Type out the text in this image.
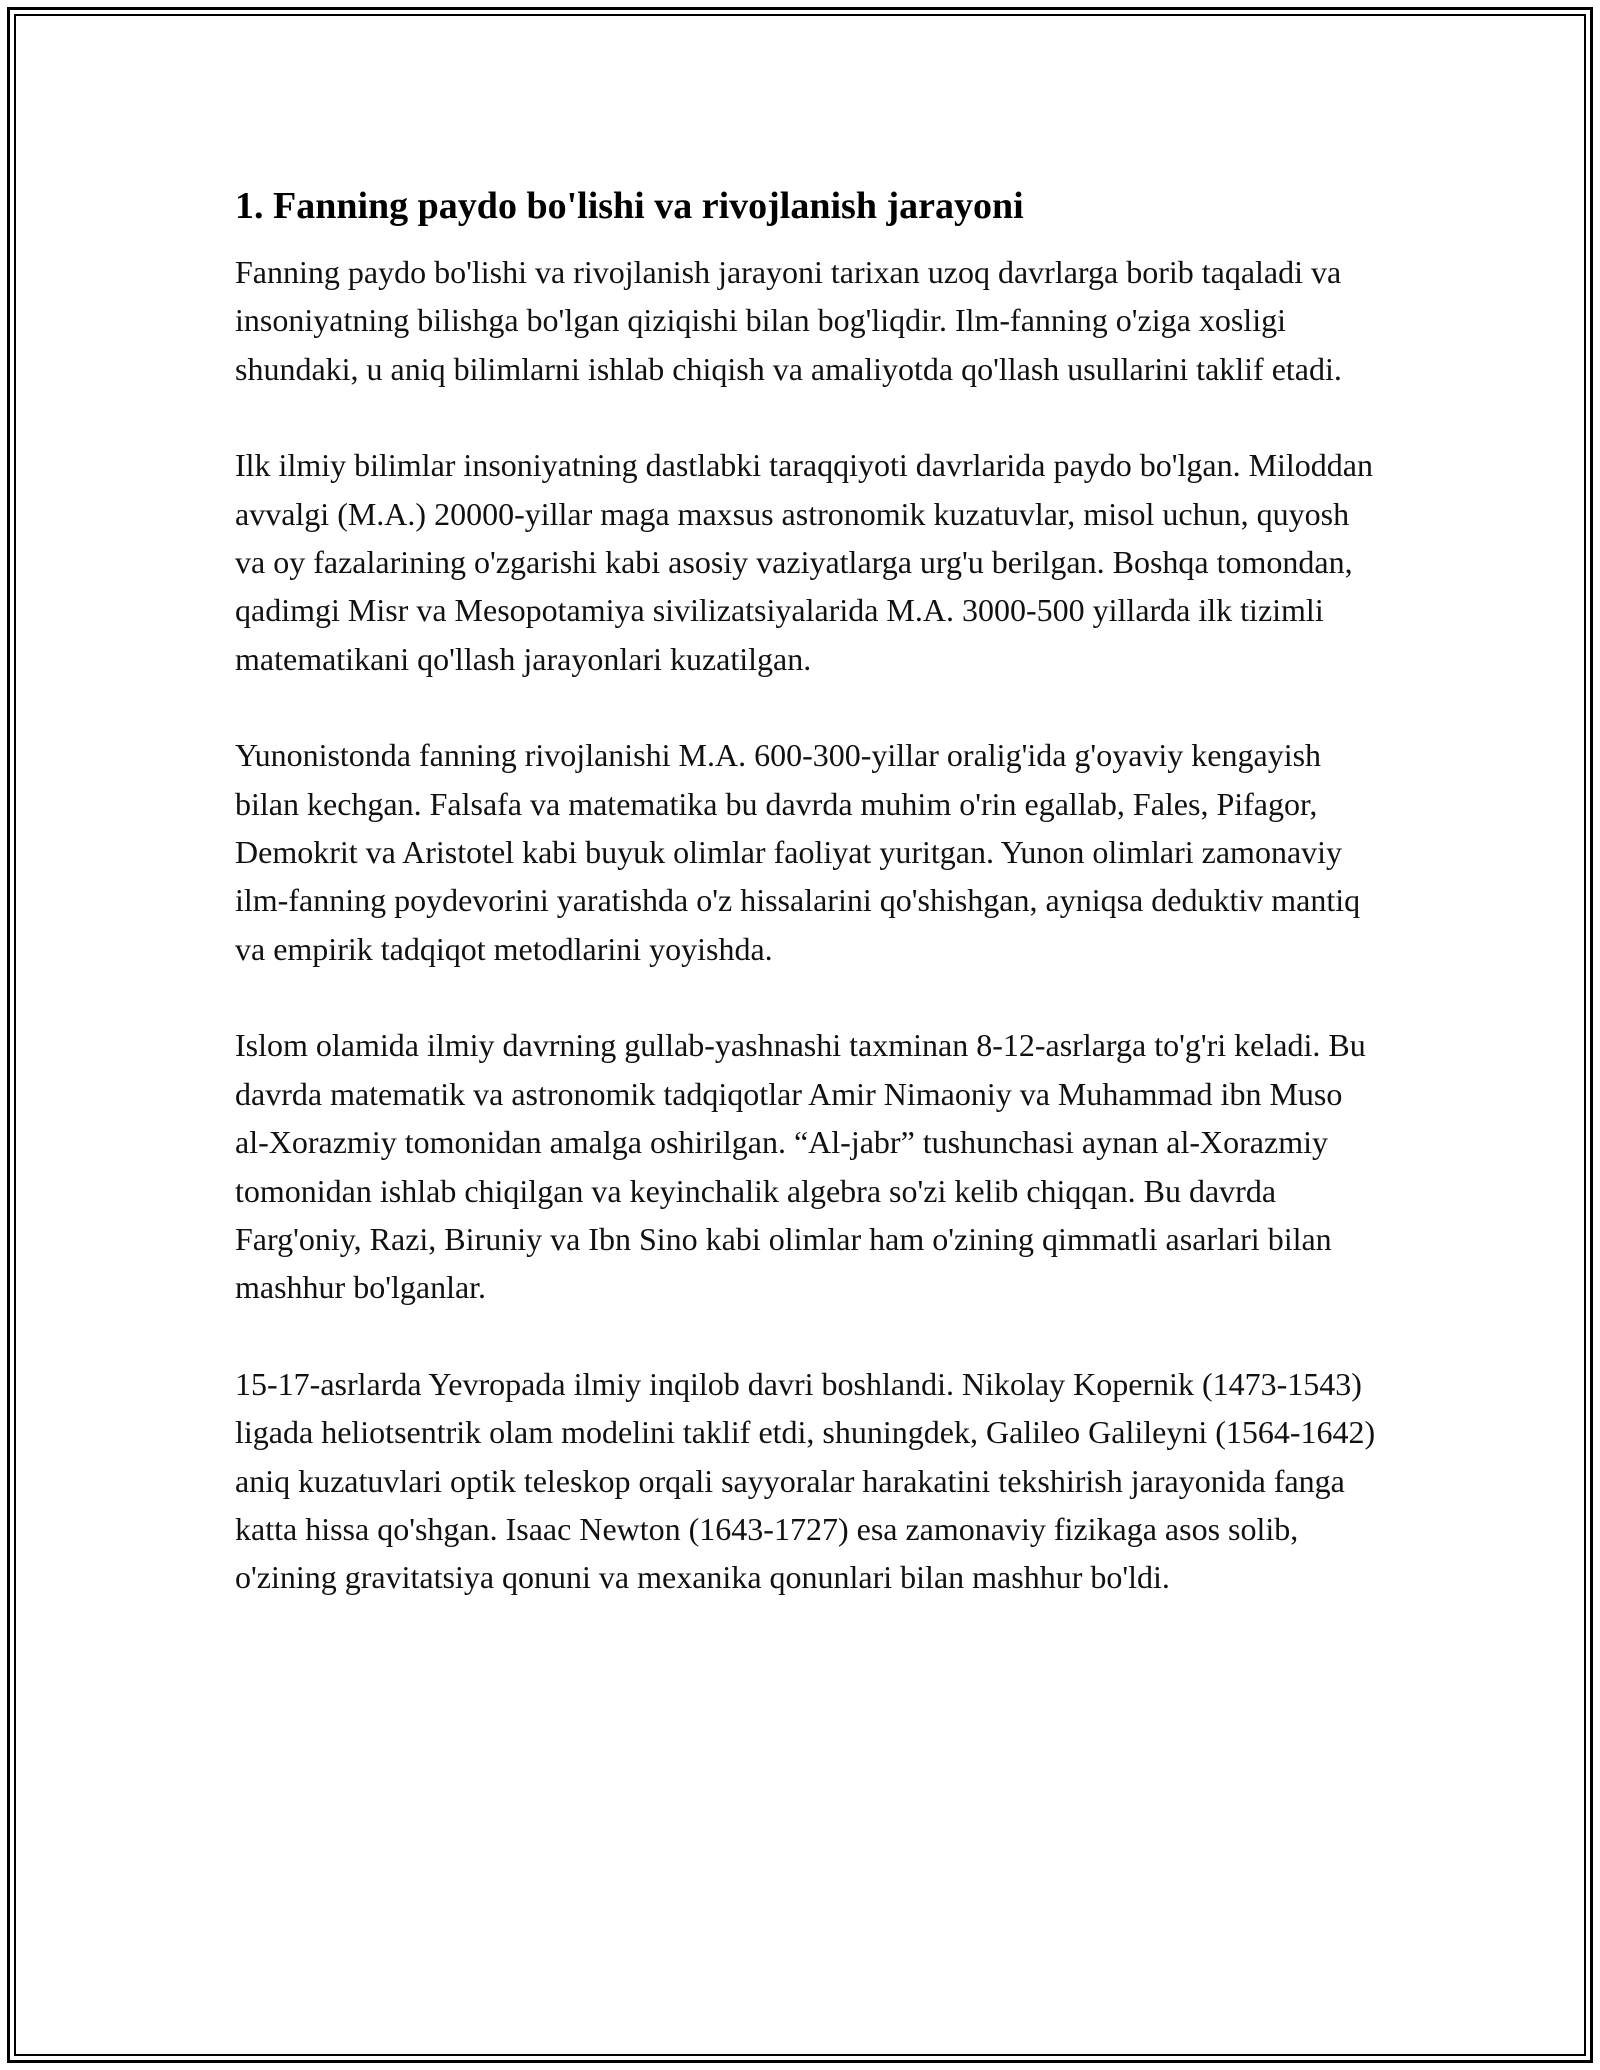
1. Fanning paydo bo'lishi va rivojlanish jarayoni

Fanning paydo bo'lishi va rivojlanish jarayoni tarixan uzoq davrlarga borib taqaladi va insoniyatning bilishga bo'lgan qiziqishi bilan bog'liqdir. Ilm-fanning o'ziga xosligi shundaki, u aniq bilimlarni ishlab chiqish va amaliyotda qo'llash usullarini taklif etadi.

Ilk ilmiy bilimlar insoniyatning dastlabki taraqqiyoti davrlarida paydo bo'lgan. Miloddan avvalgi (M.A.) 20000-yillar maga maxsus astronomik kuzatuvlar, misol uchun, quyosh va oy fazalarining o'zgarishi kabi asosiy vaziyatlarga urg'u berilgan. Boshqa tomondan, qadimgi Misr va Mesopotamiya sivilizatsiyalarida M.A. 3000-500 yillarda ilk tizimli matematikani qo'llash jarayonlari kuzatilgan.

Yunonistonda fanning rivojlanishi M.A. 600-300-yillar oralig'ida g'oyaviy kengayish bilan kechgan. Falsafa va matematika bu davrda muhim o'rin egallab, Fales, Pifagor, Demokrit va Aristotel kabi buyuk olimlar faoliyat yuritgan. Yunon olimlari zamonaviy ilm-fanning poydevorini yaratishda o'z hissalarini qo'shishgan, ayniqsa deduktiv mantiq va empirik tadqiqot metodlarini yoyishda.

Islom olamida ilmiy davrning gullab-yashnashi taxminan 8-12-asrlarga to'g'ri keladi. Bu davrda matematik va astronomik tadqiqotlar Amir Nimaoniy va Muhammad ibn Muso al-Xorazmiy tomonidan amalga oshirilgan. “Al-jabr” tushunchasi aynan al-Xorazmiy tomonidan ishlab chiqilgan va keyinchalik algebra so'zi kelib chiqqan. Bu davrda Farg'oniy, Razi, Biruniy va Ibn Sino kabi olimlar ham o'zining qimmatli asarlari bilan mashhur bo'lganlar.

15-17-asrlarda Yevropada ilmiy inqilob davri boshlandi. Nikolay Kopernik (1473-1543) ligada heliotsentrik olam modelini taklif etdi, shuningdek, Galileo Galileyni (1564-1642) aniq kuzatuvlari optik teleskop orqali sayyoralar harakatini tekshirish jarayonida fanga katta hissa qo'shgan. Isaac Newton (1643-1727) esa zamonaviy fizikaga asos solib, o'zining gravitatsiya qonuni va mexanika qonunlari bilan mashhur bo'ldi.
